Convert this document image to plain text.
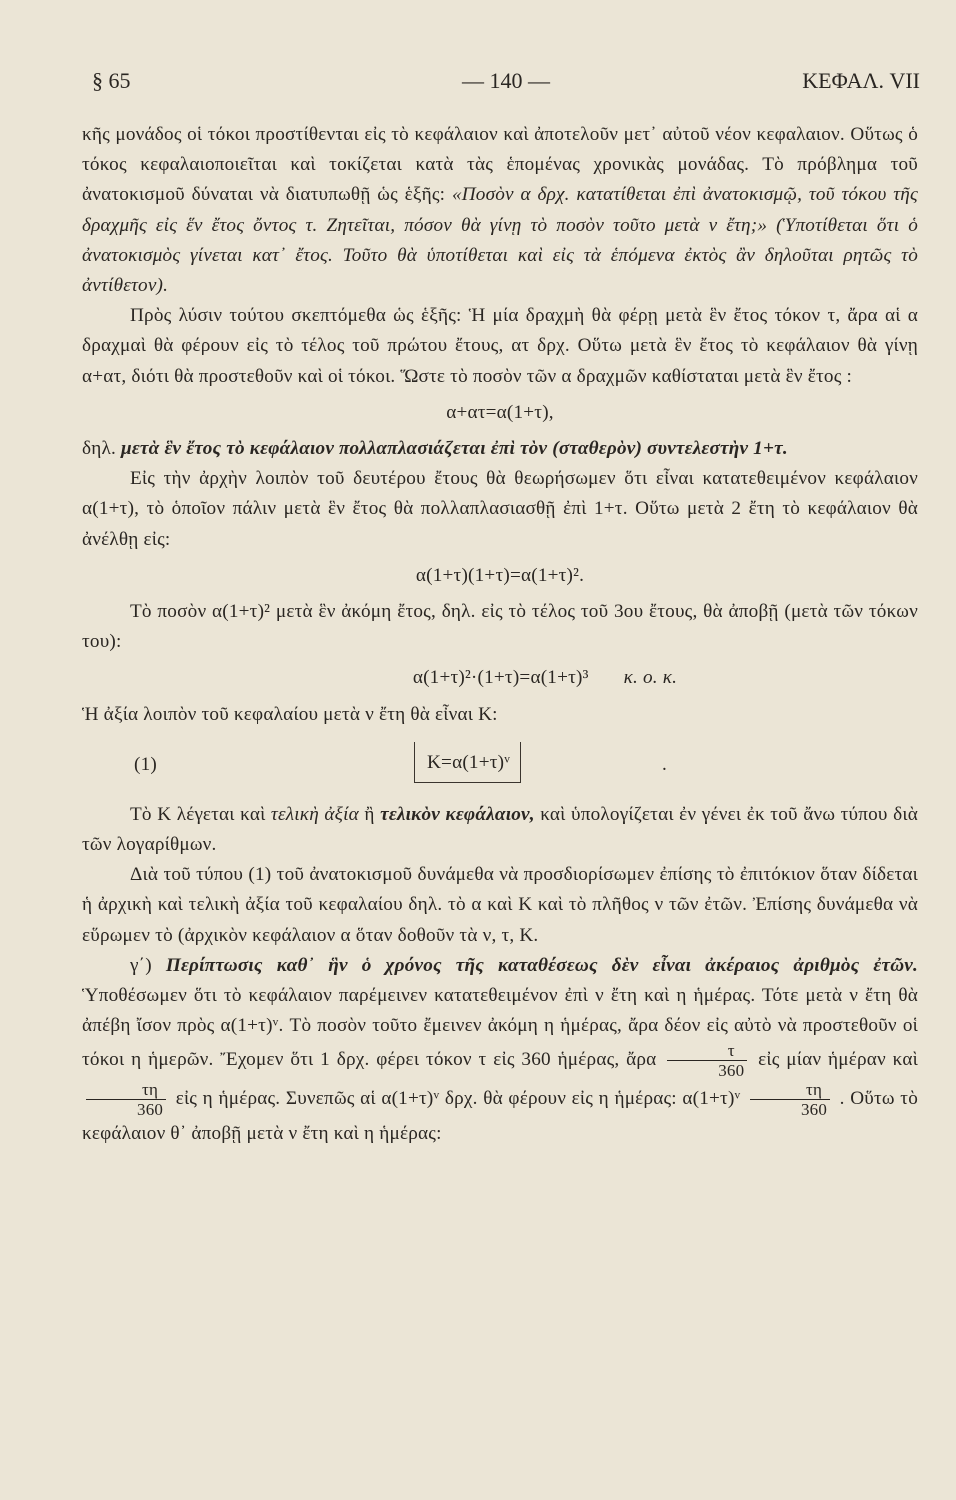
§ 65	— 140 —	ΚΕΦΑΛ. VII

κῆς μονάδος οἱ τόκοι προστίθενται εἰς τὸ κεφάλαιον καὶ ἀποτελοῦν μετ᾿ αὐτοῦ νέον κεφαλαιον. Οὕτως ὁ τόκος κεφαλαιοποιεῖται καὶ τοκίζεται κατὰ τὰς ἑπομένας χρονικὰς μονάδας. Τὸ πρόβλημα τοῦ ἀνατοκισμοῦ δύναται νὰ διατυπωθῇ ὡς ἑξῆς: «Ποσὸν α δρχ. κατατίθεται ἐπὶ ἀνατοκισμῷ, τοῦ τόκου τῆς δραχμῆς εἰς ἕν ἔτος ὄντος τ. Ζητεῖται, πόσον θὰ γίνῃ τὸ ποσὸν τοῦτο μετὰ ν ἔτη;» (Ὑποτίθεται ὅτι ὁ ἀνατοκισμὸς γίνεται κατ᾿ ἔτος. Τοῦτο θὰ ὑποτίθεται καὶ εἰς τὰ ἑπόμενα ἐκτὸς ἂν δηλοῦται ρητῶς τὸ ἀντίθετον).

Πρὸς λύσιν τούτου σκεπτόμεθα ὡς ἑξῆς: Ἡ μία δραχμὴ θὰ φέρῃ μετὰ ἓν ἔτος τόκον τ, ἄρα αἱ α δραχμαὶ θὰ φέρουν εἰς τὸ τέλος τοῦ πρώτου ἔτους, ατ δρχ. Οὕτω μετὰ ἓν ἔτος τὸ κεφάλαιον θὰ γίνῃ α+ατ, διότι θὰ προστεθοῦν καὶ οἱ τόκοι. Ὥστε τὸ ποσὸν τῶν α δραχμῶν καθίσταται μετὰ ἓν ἔτος :

α+ατ=α(1+τ),

δηλ. μετὰ ἓν ἔτος τὸ κεφάλαιον πολλαπλασιάζεται ἐπὶ τὸν (σταθερὸν) συντελεστὴν 1+τ.

Εἰς τὴν ἀρχὴν λοιπὸν τοῦ δευτέρου ἔτους θὰ θεωρήσωμεν ὅτι εἶναι κατατεθειμένον κεφάλαιον α(1+τ), τὸ ὁποῖον πάλιν μετὰ ἓν ἔτος θὰ πολλαπλασιασθῇ ἐπὶ 1+τ. Οὕτω μετὰ 2 ἔτη τὸ κεφάλαιον θὰ ἀνέλθῃ εἰς:

α(1+τ)(1+τ)=α(1+τ)².

Τὸ ποσὸν α(1+τ)² μετὰ ἓν ἀκόμη ἔτος, δηλ. εἰς τὸ τέλος τοῦ 3ου ἔτους, θὰ ἀποβῇ (μετὰ τῶν τόκων του):

α(1+τ)²·(1+τ)=α(1+τ)³ κ. ο. κ.

Ἡ ἀξία λοιπὸν τοῦ κεφαλαίου μετὰ ν ἔτη θὰ εἶναι Κ:

(1)	Κ=α(1+τ)ᵛ	.

Τὸ Κ λέγεται καὶ τελικὴ ἀξία ἢ τελικὸν κεφάλαιον, καὶ ὑπολογίζεται ἐν γένει ἐκ τοῦ ἄνω τύπου διὰ τῶν λογαρίθμων.

Διὰ τοῦ τύπου (1) τοῦ ἀνατοκισμοῦ δυνάμεθα νὰ προσδιορίσωμεν ἐπίσης τὸ ἐπιτόκιον ὅταν δίδεται ἡ ἀρχικὴ καὶ τελικὴ ἀξία τοῦ κεφαλαίου δηλ. τὸ α καὶ Κ καὶ τὸ πλῆθος ν τῶν ἐτῶν. Ἐπίσης δυνάμεθα νὰ εὕρωμεν τὸ (ἀρχικὸν κεφάλαιον α ὅταν δοθοῦν τὰ ν, τ, Κ.

γ΄) Περίπτωσις καθ᾿ ἣν ὁ χρόνος τῆς καταθέσεως δὲν εἶναι ἀκέραιος ἀριθμὸς ἐτῶν. Ὑποθέσωμεν ὅτι τὸ κεφάλαιον παρέμεινεν κατατεθειμένον ἐπὶ ν ἔτη καὶ η ἡμέρας. Τότε μετὰ ν ἔτη θὰ ἀπέβη ἴσον πρὸς α(1+τ)ᵛ. Τὸ ποσὸν τοῦτο ἔμεινεν ἀκόμη η ἡμέρας, ἄρα δέον εἰς αὐτὸ νὰ προστεθοῦν οἱ τόκοι η ἡμερῶν. Ἔχομεν ὅτι 1 δρχ. φέρει τόκον τ εἰς 360 ἡμέρας, ἄρα $\frac{\tau}{360}$ εἰς μίαν ἡμέραν καὶ
$\frac{\tau\eta}{360}$ εἰς η ἡμέρας. Συνεπῶς αἱ α(1+τ)ᵛ δρχ. θὰ φέρουν εἰς η ἡμέρας: α(1+τ)ᵛ $\frac{\tau\eta}{360}$ . Οὕτω τὸ κεφάλαιον θ᾿ ἀποβῇ μετὰ ν ἔτη καὶ η ἡμέρας:
